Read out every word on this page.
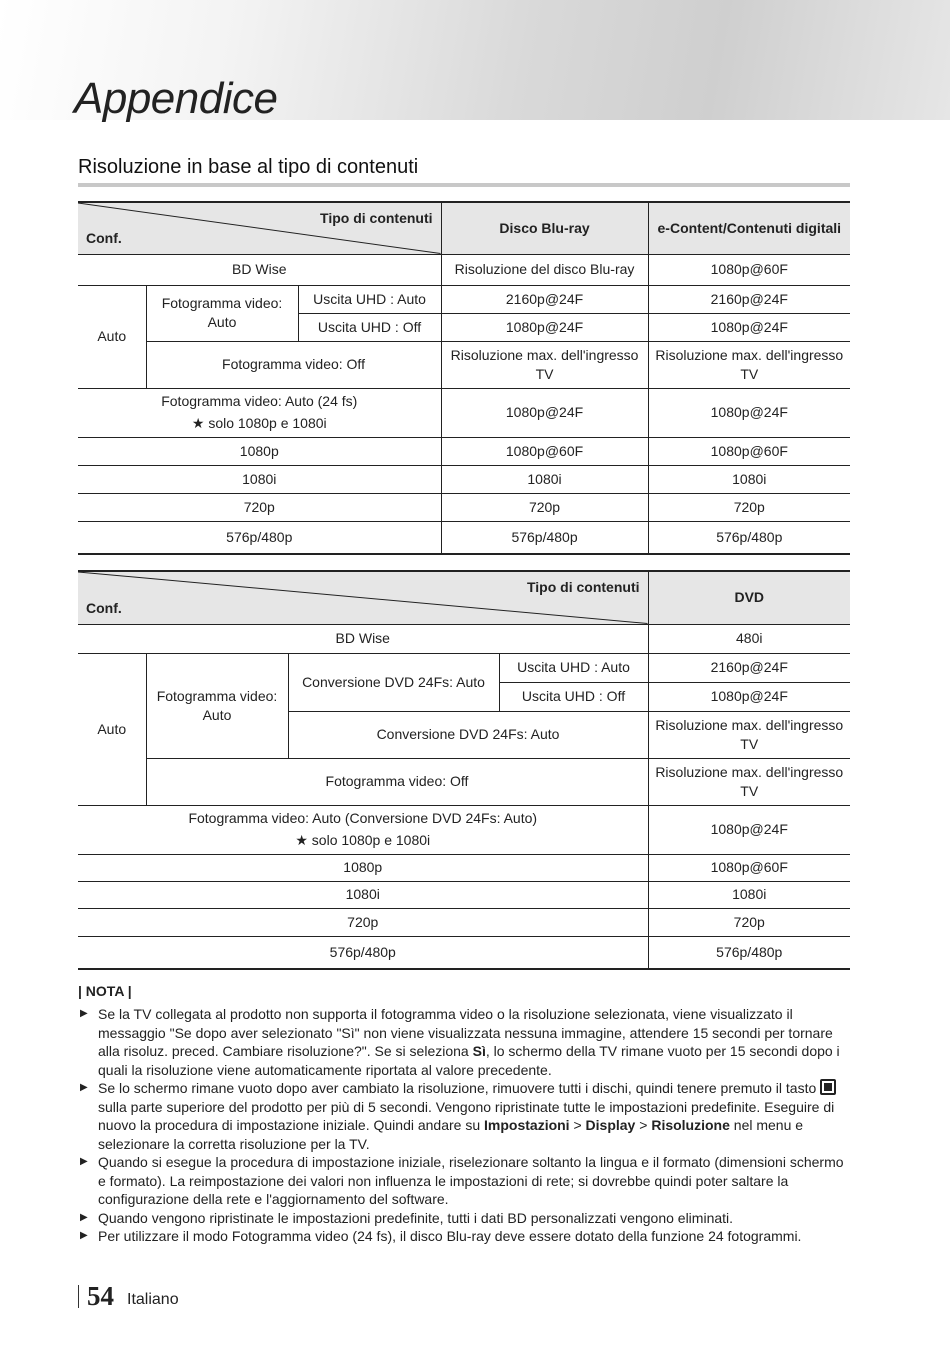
Appendice
Risoluzione in base al tipo di contenuti
Tipo di contenuti
Conf.			Disco Blu-ray	e-Content/Contenuti digitali
BD Wise			Risoluzione del disco Blu-ray	1080p@60F
Auto	Fotogramma video: Auto	Uscita UHD : Auto	2160p@24F	2160p@24F
		Uscita UHD : Off	1080p@24F	1080p@24F
	Fotogramma video: Off		Risoluzione max. dell'ingresso TV	Risoluzione max. dell'ingresso TV

Fotogramma video: Auto (24 fs)
★ solo 1080p e 1080i			1080p@24F	1080p@24F
1080p			1080p@60F	1080p@60F
1080i			1080i	1080i
720p			720p	720p
576p/480p			576p/480p	576p/480p
Tipo di contenuti
Conf.				DVD
BD Wise				480i
Auto	Fotogramma video: Auto	Conversione DVD 24Fs: Auto	Uscita UHD : Auto	2160p@24F
			Uscita UHD : Off	1080p@24F
		Conversione DVD 24Fs: Auto		Risoluzione max. dell'ingresso TV
	Fotogramma video: Off			Risoluzione max. dell'ingresso TV

Fotogramma video: Auto (Conversione DVD 24Fs: Auto)
★ solo 1080p e 1080i				1080p@24F
1080p				1080p@60F
1080i				1080i
720p				720p
576p/480p				576p/480p
| NOTA |
▶ Se la TV collegata al prodotto non supporta il fotogramma video o la risoluzione selezionata, viene visualizzato il messaggio "Se dopo aver selezionato "Sì" non viene visualizzata nessuna immagine, attendere 15 secondi per tornare alla risoluz. preced. Cambiare risoluzione?". Se si seleziona Sì, lo schermo della TV rimane vuoto per 15 secondi dopo i quali la risoluzione viene automaticamente riportata al valore precedente.
▶ Se lo schermo rimane vuoto dopo aver cambiato la risoluzione, rimuovere tutti i dischi, quindi tenere premuto il tasto sulla parte superiore del prodotto per più di 5 secondi. Vengono ripristinate tutte le impostazioni predefinite. Eseguire di nuovo la procedura di impostazione iniziale. Quindi andare su Impostazioni > Display > Risoluzione nel menu e selezionare la corretta risoluzione per la TV.
▶ Quando si esegue la procedura di impostazione iniziale, riselezionare soltanto la lingua e il formato (dimensioni schermo e formato). La reimpostazione dei valori non influenza le impostazioni di rete; si dovrebbe quindi poter saltare la configurazione della rete e l'aggiornamento del software.
▶ Quando vengono ripristinate le impostazioni predefinite, tutti i dati BD personalizzati vengono eliminati.
▶ Per utilizzare il modo Fotogramma video (24 fs), il disco Blu-ray deve essere dotato della funzione 24 fotogrammi.
54 Italiano
